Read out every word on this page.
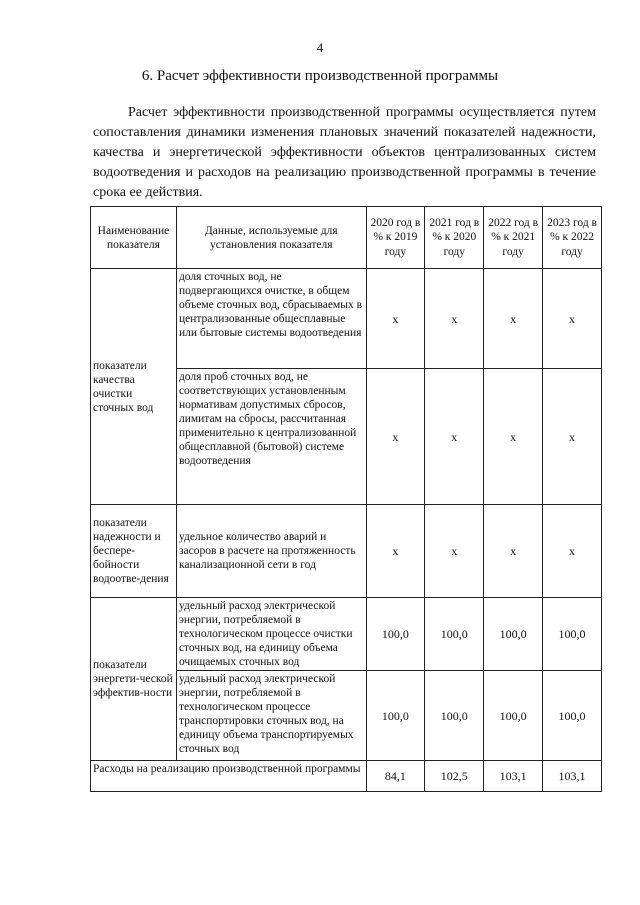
4
6. Расчет эффективности производственной программы

Расчет эффективности производственной программы осуществляется путем сопоставления динамики изменения плановых значений показателей надежности, качества и энергетической эффективности объектов централизованных систем водоотведения и расходов на реализацию производственной программы в течение срока ее действия.

Наименование показателя	Данные, используемые для установления показателя	2020 год в % к 2019 году	2021 год в % к 2020 году	2022 год в % к 2021 году	2023 год в % к 2022 году
показатели качества очистки сточных вод	доля сточных вод, не подвергающихся очистке, в общем объеме сточных вод, сбрасываемых в централизованные общесплавные или бытовые системы водоотведения	х	х	х	х
	доля проб сточных вод, не соответствующих установленным нормативам допустимых сбросов, лимитам на сбросы, рассчитанная применительно к централизованной общесплавной (бытовой) системе водоотведения	х	х	х	х
показатели надежности и беспере-бойности водоотве-дения	удельное количество аварий и засоров в расчете на протяженность канализационной сети в год	х	х	х	х
показатели энергети-ческой эффектив-ности	удельный расход электрической энергии, потребляемой в технологическом процессе очистки сточных вод, на единицу объема очищаемых сточных вод	100,0	100,0	100,0	100,0
	удельный расход электрической энергии, потребляемой в технологическом процессе транспортировки сточных вод, на единицу объема транспортируемых сточных вод	100,0	100,0	100,0	100,0
Расходы на реализацию производственной программы		84,1	102,5	103,1	103,1
